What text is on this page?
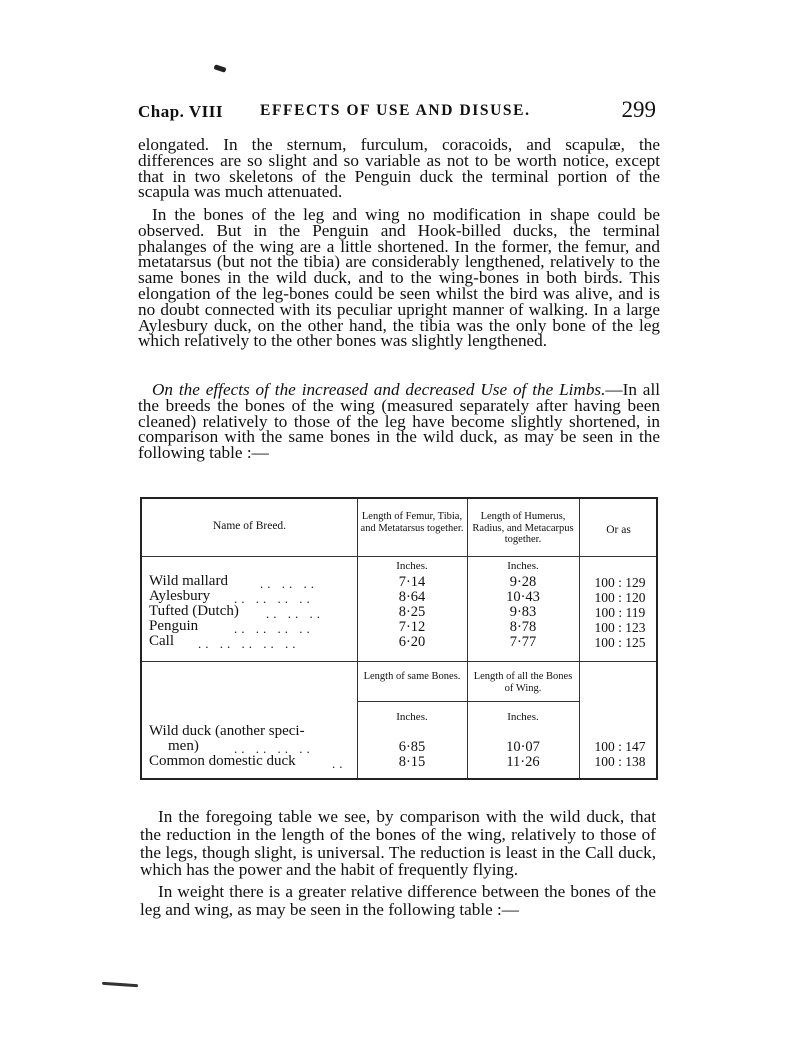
Chap. VIII EFFECTS OF USE AND DISUSE.	299

elongated. In the sternum, furculum, coracoids, and scapulæ, the differences are so slight and so variable as not to be worth notice, except that in two skeletons of the Penguin duck the terminal portion of the scapula was much attenuated.

In the bones of the leg and wing no modification in shape could be observed. But in the Penguin and Hook-billed ducks, the terminal phalanges of the wing are a little shortened. In the former, the femur, and metatarsus (but not the tibia) are considerably lengthened, relatively to the same bones in the wild duck, and to the wing-bones in both birds. This elongation of the leg-bones could be seen whilst the bird was alive, and is no doubt connected with its peculiar upright manner of walking. In a large Aylesbury duck, on the other hand, the tibia was the only bone of the leg which relatively to the other bones was slightly lengthened.

On the effects of the increased and decreased Use of the Limbs.—In all the breeds the bones of the wing (measured separately after having been cleaned) relatively to those of the leg have become slightly shortened, in comparison with the same bones in the wild duck, as may be seen in the following table :—

Name of Breed.
Length of Femur, Tibia, and Metatarsus together.
Length of Humerus, Radius, and Metacarpus together.
Or as
Inches.	Inches.
Wild mallard .. .. ..	7·14	9·28	100 : 129
Aylesbury .. .. .. ..	8·64	10·43	100 : 120
Tufted (Dutch) .. .. ..	8·25	9·83	100 : 119
Penguin	.. .. .. ..	7·12	8·78	100 : 123
Call .. .. .. .. ..	6·20	7·77	100 : 125
Length of same Bones.	Length of all the Bones of Wing.
Inches.	Inches.
Wild duck (another speci-
men)	.. .. .. ..	6·85	10·07	100 : 147
Common domestic duck	..	8·15	11·26	100 : 138

In the foregoing table we see, by comparison with the wild duck, that the reduction in the length of the bones of the wing, relatively to those of the legs, though slight, is universal. The reduction is least in the Call duck, which has the power and the habit of frequently flying.

In weight there is a greater relative difference between the bones of the leg and wing, as may be seen in the following table :—
